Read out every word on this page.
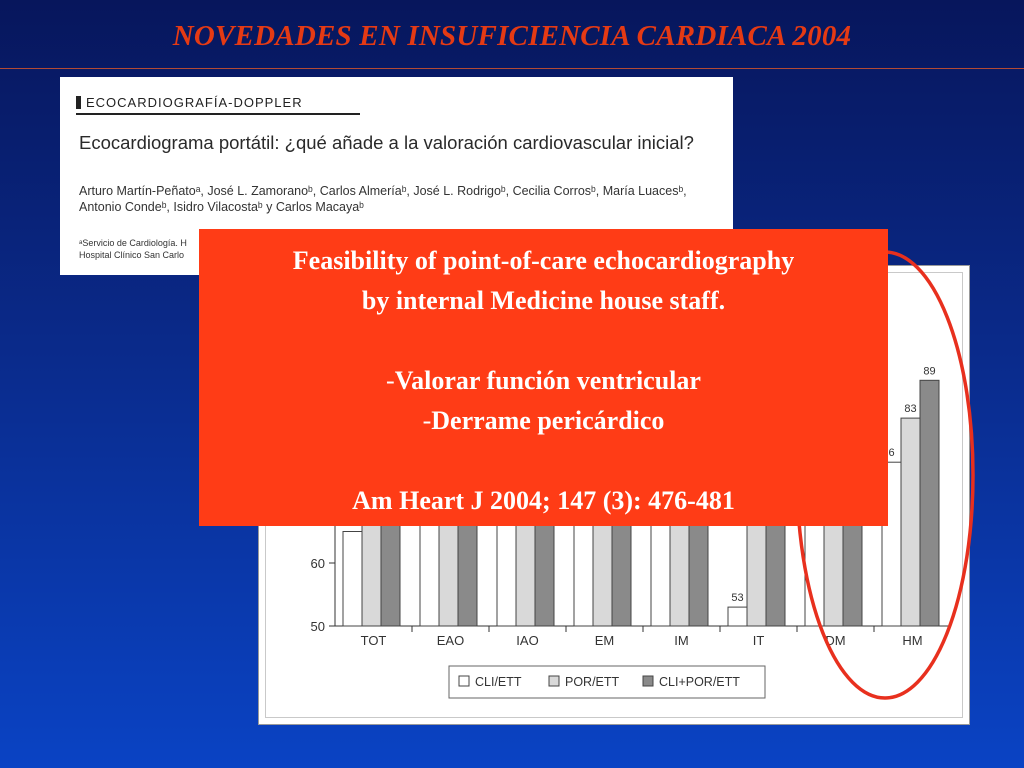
NOVEDADES EN INSUFICIENCIA CARDIACA 2004
ECOCARDIOGRAFÍA-DOPPLER
Ecocardiograma portátil: ¿qué añade a la valoración cardiovascular inicial?
Arturo Martín-Peñatoᵃ, José L. Zamoranoᵇ, Carlos Almeríaᵇ, José L. Rodrigoᵇ, Cecilia Corrosᵇ, María Luacesᵇ, Antonio Condeᵇ, Isidro Vilacostaᵇ y Carlos Macayaᵇ
ᵃServicio de Cardiología. H
Hospital Clínico San Carlo
50
60
TOT	EAO	IAO	EM	IM	IT
53
DM	HM
6
83
89
CLI/ETT	POR/ETT	CLI+POR/ETT
Feasibility of point-of-care echocardiography
by internal Medicine house staff.
-Valorar función ventricular
-Derrame pericárdico
Am Heart J 2004; 147 (3): 476-481
